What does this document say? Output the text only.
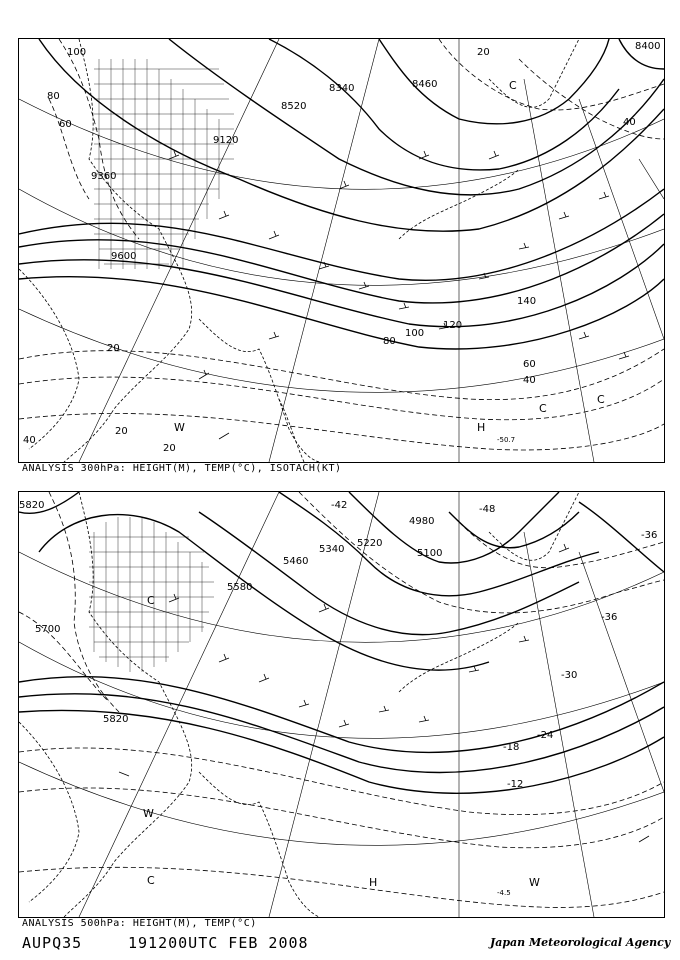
8400
8460
8340
8520
9120
9360
9600
100
80
60
40
20
20
20
140
120
100
80
60
40
40
20
C
C
C
W	H
-50.7
ANALYSIS 300hPa: HEIGHT(M), TEMP(°C), ISOTACH(KT)
5820
5700
5580
5460
5340
5220
4980
5100
5820
-48
-42
-36
-36
-30
-24
-18
-12
C
W
C	H	W
-4.5
ANALYSIS 500hPa: HEIGHT(M), TEMP(°C)
AUPQ35	191200UTC FEB 2008	Japan Meteorological Agency
